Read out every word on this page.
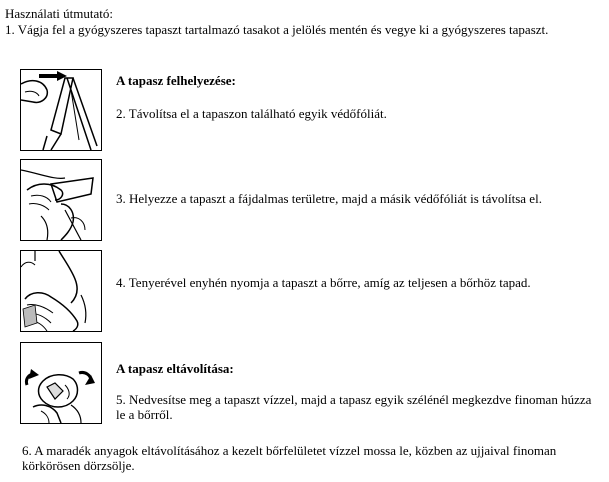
Használati útmutató:
1. Vágja fel a gyógyszeres tapaszt tartalmazó tasakot a jelölés mentén és vegye ki a gyógyszeres tapaszt.
A tapasz felhelyezése:
2. Távolítsa el a tapaszon található egyik védőfóliát.
3. Helyezze a tapaszt a fájdalmas területre, majd a másik védőfóliát is távolítsa el.
4. Tenyerével enyhén nyomja a tapaszt a bőrre, amíg az teljesen a bőrhöz tapad.
A tapasz eltávolítása:
5. Nedvesítse meg a tapaszt vízzel, majd a tapasz egyik szélénél megkezdve finoman húzza le a bőrről.
6. A maradék anyagok eltávolításához a kezelt bőrfelületet vízzel mossa le, közben az ujjaival finoman körkörösen dörzsölje.
